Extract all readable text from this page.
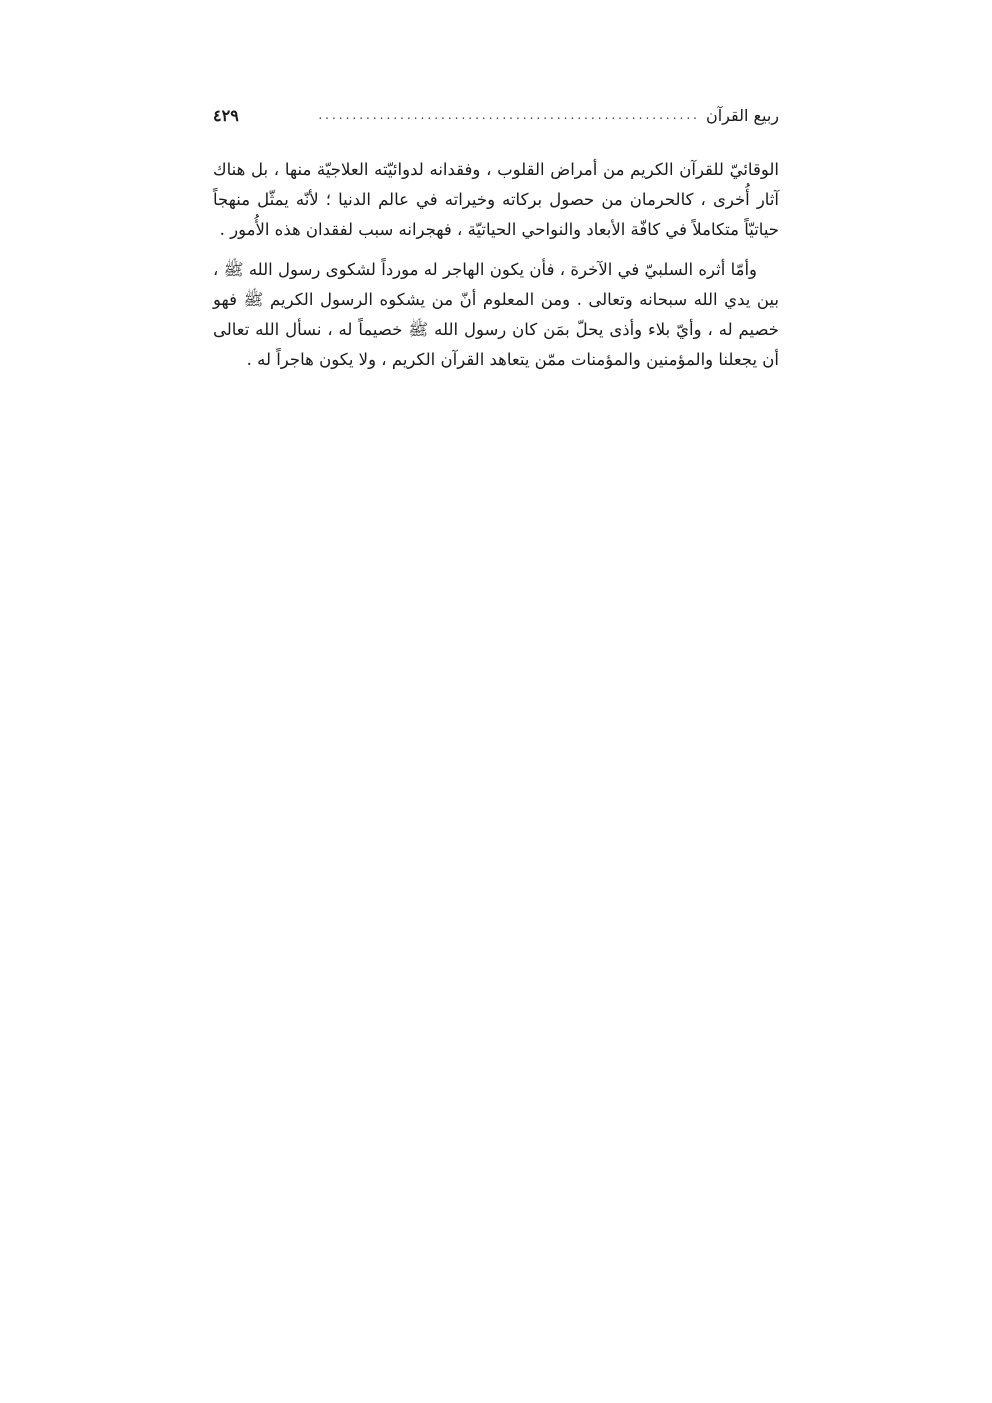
ربيع القرآن
........................................................
٤٢٩

الوقائيّ للقرآن الكريم من أمراض القلوب ، وفقدانه لدوائيّته العلاجيّة منها ، بل هناك آثار أُخرى ، كالحرمان من حصول بركاته وخيراته في عالم الدنيا ؛ لأنّه يمثّل منهجاً حياتيّاً متكاملاً في كافّة الأبعاد والنواحي الحياتيّة ، فهجرانه سبب لفقدان هذه الأُمور .

وأمّا أثره السلبيّ في الآخرة ، فأن يكون الهاجر له مورداً لشكوى رسول الله ﷺ ، بين يدي الله سبحانه وتعالى . ومن المعلوم أنّ من يشكوه الرسول الكريم ﷺ فهو خصيم له ، وأيّ بلاء وأذى يحلّ بمَن كان رسول الله ﷺ خصيماً له ، نسأل الله تعالى أن يجعلنا والمؤمنين والمؤمنات ممّن يتعاهد القرآن الكريم ، ولا يكون هاجراً له .
